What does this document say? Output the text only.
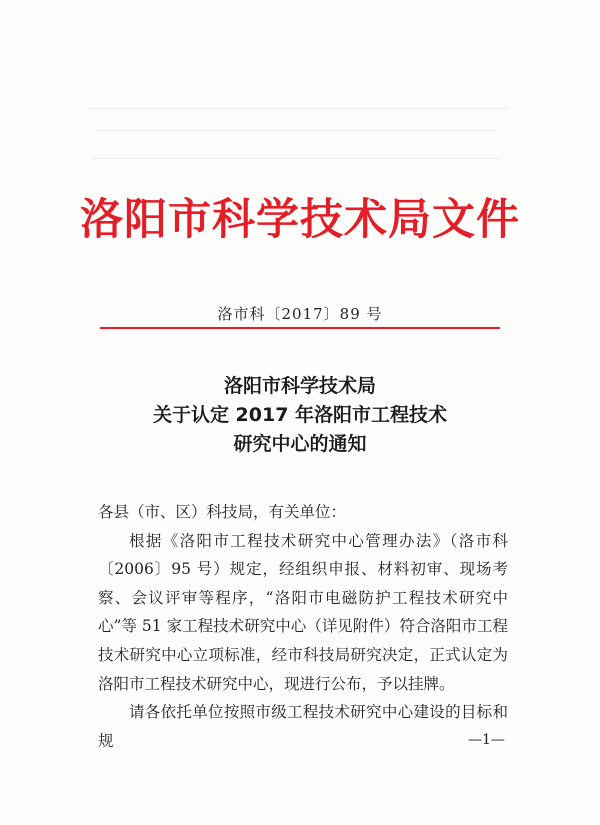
洛阳市科学技术局文件
洛市科〔2017〕89 号
洛阳市科学技术局
关于认定 2017 年洛阳市工程技术
研究中心的通知

各县（市、区）科技局，有关单位：

根据《洛阳市工程技术研究中心管理办法》（洛市科〔2006〕95 号）规定，经组织申报、材料初审、现场考察、会议评审等程序，“洛阳市电磁防护工程技术研究中心”等 51 家工程技术研究中心（详见附件）符合洛阳市工程技术研究中心立项标准，经市科技局研究决定，正式认定为洛阳市工程技术研究中心，现进行公布，予以挂牌。

请各依托单位按照市级工程技术研究中心建设的目标和规	—1—
